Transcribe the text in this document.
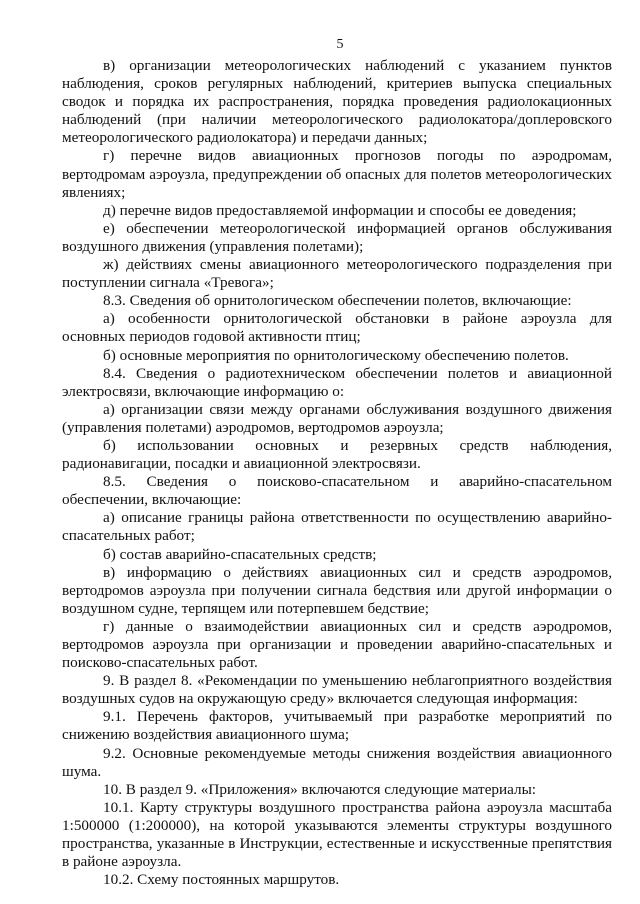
5

в) организации метеорологических наблюдений с указанием пунктов наблюдения, сроков регулярных наблюдений, критериев выпуска специальных сводок и порядка их распространения, порядка проведения радиолокационных наблюдений (при наличии метеорологического радиолокатора/доплеровского метеорологического радиолокатора) и передачи данных;

г) перечне видов авиационных прогнозов погоды по аэродромам, вертодромам аэроузла, предупреждении об опасных для полетов метеорологических явлениях;

д) перечне видов предоставляемой информации и способы ее доведения;

е) обеспечении метеорологической информацией органов обслуживания воздушного движения (управления полетами);

ж) действиях смены авиационного метеорологического подразделения при поступлении сигнала «Тревога»;

8.3. Сведения об орнитологическом обеспечении полетов, включающие:

а) особенности орнитологической обстановки в районе аэроузла для основных периодов годовой активности птиц;

б) основные мероприятия по орнитологическому обеспечению полетов.

8.4. Сведения о радиотехническом обеспечении полетов и авиационной электросвязи, включающие информацию о:

а) организации связи между органами обслуживания воздушного движения (управления полетами) аэродромов, вертодромов аэроузла;

б) использовании основных и резервных средств наблюдения, радионавигации, посадки и авиационной электросвязи.

8.5. Сведения о поисково-спасательном и аварийно-спасательном обеспечении, включающие:

а) описание границы района ответственности по осуществлению аварийно-спасательных работ;

б) состав аварийно-спасательных средств;

в) информацию о действиях авиационных сил и средств аэродромов, вертодромов аэроузла при получении сигнала бедствия или другой информации о воздушном судне, терпящем или потерпевшем бедствие;

г) данные о взаимодействии авиационных сил и средств аэродромов, вертодромов аэроузла при организации и проведении аварийно-спасательных и поисково-спасательных работ.

9. В раздел 8. «Рекомендации по уменьшению неблагоприятного воздействия воздушных судов на окружающую среду» включается следующая информация:

9.1. Перечень факторов, учитываемый при разработке мероприятий по снижению воздействия авиационного шума;

9.2. Основные рекомендуемые методы снижения воздействия авиационного шума.

10. В раздел 9. «Приложения» включаются следующие материалы:

10.1. Карту структуры воздушного пространства района аэроузла масштаба 1:500000 (1:200000), на которой указываются элементы структуры воздушного пространства, указанные в Инструкции, естественные и искусственные препятствия в районе аэроузла.

10.2. Схему постоянных маршрутов.
